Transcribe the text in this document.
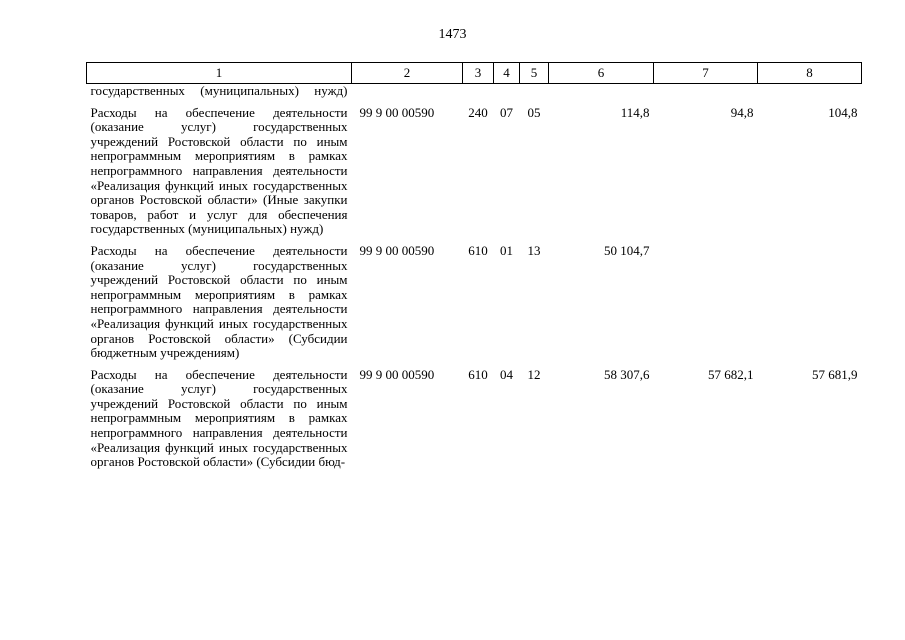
1473
1	2	3	4	5	6	7	8
государственных (муниципальных) нужд)							
Расходы на обеспечение деятельности (оказание услуг) государственных учреждений Ростовской области по иным непрограммным мероприятиям в рамках непрограммного направления деятельности «Реализация функций иных государственных органов Ростовской области» (Иные закупки товаров, работ и услуг для обеспечения государственных (муниципальных) нужд)	99 9 00 00590	240	07	05	114,8	94,8	104,8
Расходы на обеспечение деятельности (оказание услуг) государственных учреждений Ростовской области по иным непрограммным мероприятиям в рамках непрограммного направления деятельности «Реализация функций иных государственных органов Ростовской области» (Субсидии бюджетным учреждениям)	99 9 00 00590	610	01	13	50 104,7		
Расходы на обеспечение деятельности (оказание услуг) государственных учреждений Ростовской области по иным непрограммным мероприятиям в рамках непрограммного направления деятельности «Реализация функций иных государственных органов Ростовской области» (Субсидии бюд-	99 9 00 00590	610	04	12	58 307,6	57 682,1	57 681,9
